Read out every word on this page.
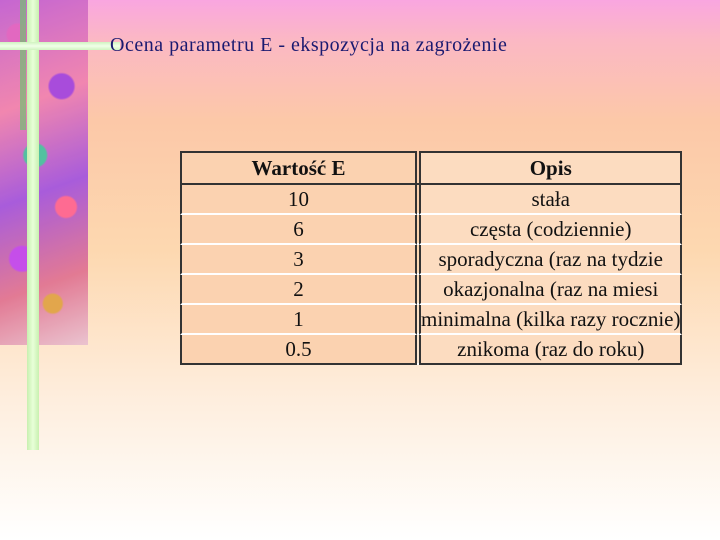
Ocena parametru E - ekspozycja na zagrożenie
Wartość E		Opis
10		stała
6		częsta (codziennie)
3		sporadyczna (raz na tydzie
2		okazjonalna (raz na miesi
1		minimalna (kilka razy rocznie)
0.5		znikoma (raz do roku)
